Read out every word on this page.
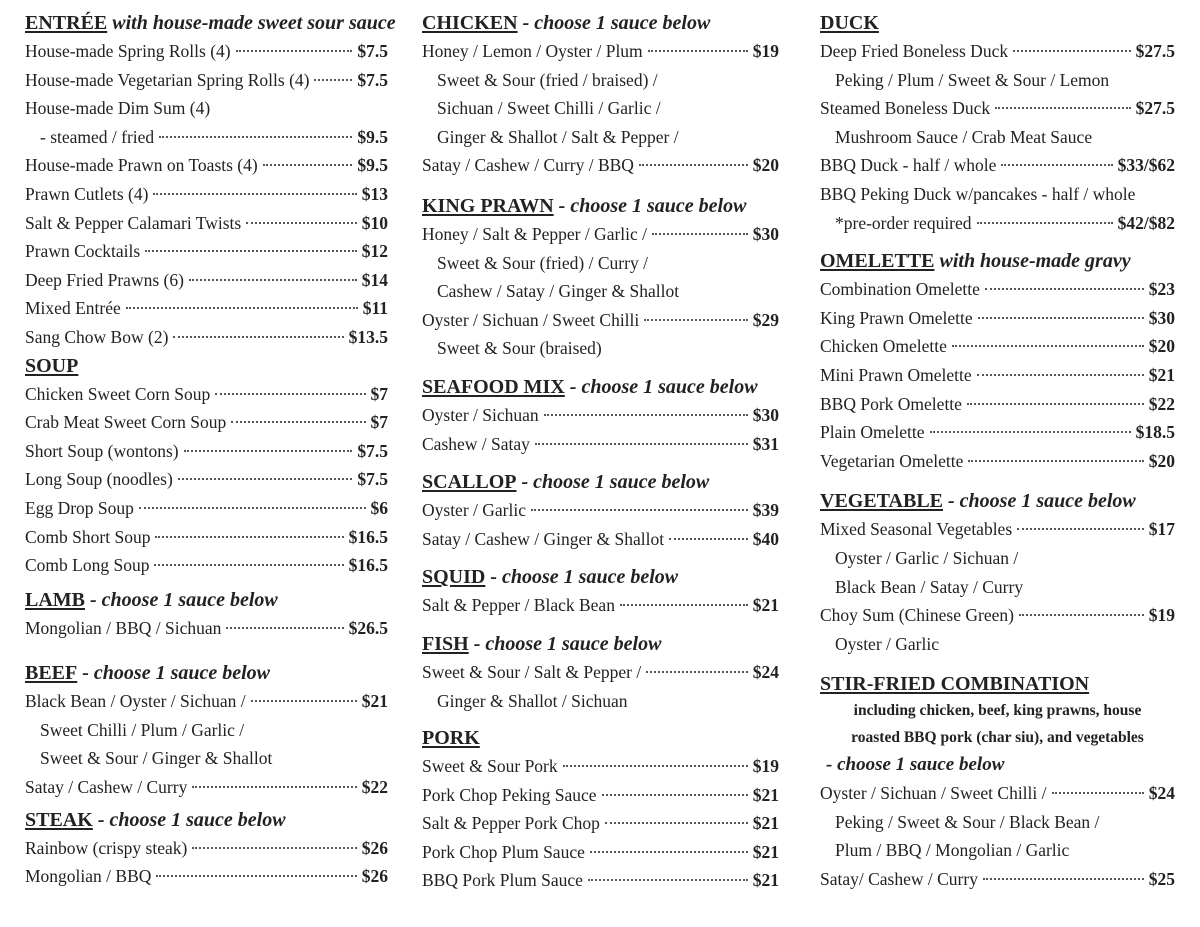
ENTRÉE with house-made sweet sour sauce
House-made Spring Rolls (4)	$7.5
House-made Vegetarian Spring Rolls (4)	$7.5
House-made Dim Sum (4)
- steamed / fried	$9.5
House-made Prawn on Toasts (4)	$9.5
Prawn Cutlets (4)	$13
Salt & Pepper Calamari Twists	$10
Prawn Cocktails	$12
Deep Fried Prawns (6)	$14
Mixed Entrée	$11
Sang Chow Bow (2)	$13.5
SOUP
Chicken Sweet Corn Soup	$7
Crab Meat Sweet Corn Soup	$7
Short Soup (wontons)	$7.5
Long Soup (noodles)	$7.5
Egg Drop Soup	$6
Comb Short Soup	$16.5
Comb Long Soup	$16.5
LAMB - choose 1 sauce below
Mongolian / BBQ / Sichuan	$26.5
BEEF - choose 1 sauce below
Black Bean / Oyster / Sichuan /	$21
Sweet Chilli / Plum / Garlic /
Sweet & Sour / Ginger & Shallot
Satay / Cashew / Curry	$22
STEAK - choose 1 sauce below
Rainbow (crispy steak)	$26
Mongolian / BBQ	$26
CHICKEN - choose 1 sauce below
Honey / Lemon / Oyster / Plum	$19
Sweet & Sour (fried / braised) /
Sichuan / Sweet Chilli / Garlic /
Ginger & Shallot / Salt & Pepper /
Satay / Cashew / Curry / BBQ	$20
KING PRAWN - choose 1 sauce below
Honey / Salt & Pepper / Garlic /	$30
Sweet & Sour (fried) / Curry /
Cashew / Satay / Ginger & Shallot
Oyster / Sichuan / Sweet Chilli	$29
Sweet & Sour (braised)
SEAFOOD MIX - choose 1 sauce below
Oyster / Sichuan	$30
Cashew / Satay	$31
SCALLOP - choose 1 sauce below
Oyster / Garlic	$39
Satay / Cashew / Ginger & Shallot	$40
SQUID - choose 1 sauce below
Salt & Pepper / Black Bean	$21
FISH - choose 1 sauce below
Sweet & Sour / Salt & Pepper /	$24
Ginger & Shallot / Sichuan
PORK
Sweet & Sour Pork	$19
Pork Chop Peking Sauce	$21
Salt & Pepper Pork Chop	$21
Pork Chop Plum Sauce	$21
BBQ Pork Plum Sauce	$21
DUCK
Deep Fried Boneless Duck	$27.5
Peking / Plum / Sweet & Sour / Lemon
Steamed Boneless Duck	$27.5
Mushroom Sauce / Crab Meat Sauce
BBQ Duck - half / whole	$33/$62
BBQ Peking Duck w/pancakes - half / whole
*pre-order required	$42/$82
OMELETTE with house-made gravy
Combination Omelette	$23
King Prawn Omelette	$30
Chicken Omelette	$20
Mini Prawn Omelette	$21
BBQ Pork Omelette	$22
Plain Omelette	$18.5
Vegetarian Omelette	$20
VEGETABLE - choose 1 sauce below
Mixed Seasonal Vegetables	$17
Oyster / Garlic / Sichuan /
Black Bean / Satay / Curry
Choy Sum (Chinese Green)	$19
Oyster / Garlic
STIR-FRIED COMBINATION
including chicken, beef, king prawns, house
roasted BBQ pork (char siu), and vegetables
- choose 1 sauce below
Oyster / Sichuan / Sweet Chilli /	$24
Peking / Sweet & Sour / Black Bean /
Plum / BBQ / Mongolian / Garlic
Satay/ Cashew / Curry	$25
